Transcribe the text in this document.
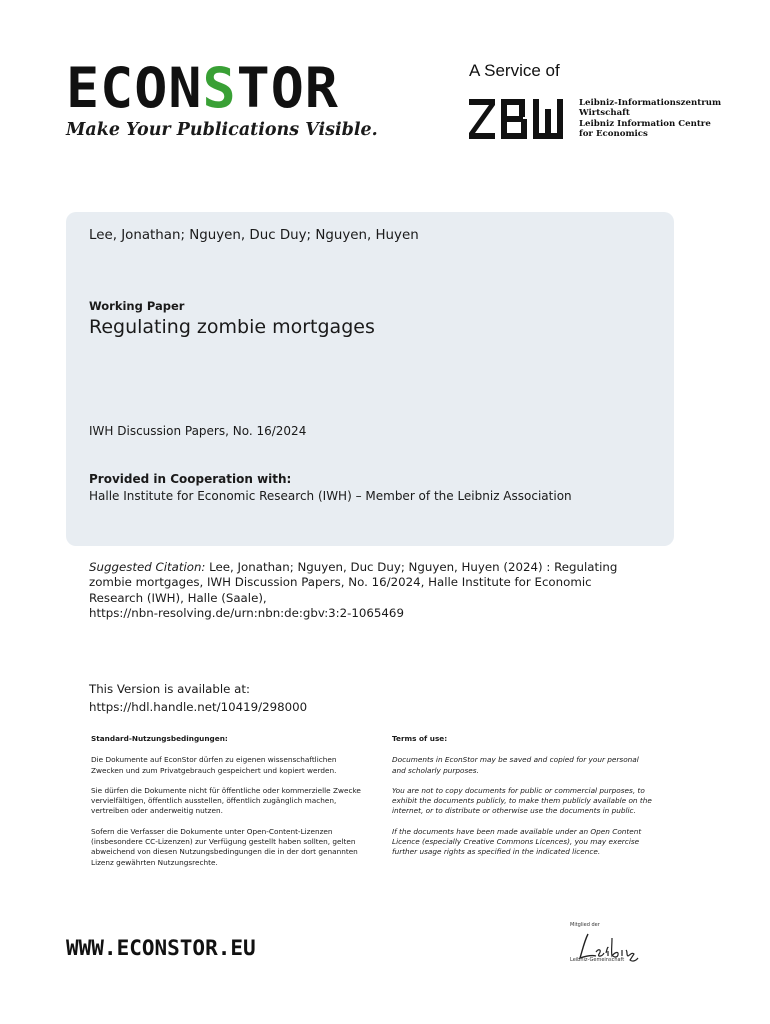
ECONSTOR
Make Your Publications Visible.
A Service of
Leibniz-Informationszentrum
Wirtschaft
Leibniz Information Centre
for Economics
Lee, Jonathan; Nguyen, Duc Duy; Nguyen, Huyen
Working Paper
Regulating zombie mortgages
IWH Discussion Papers, No. 16/2024
Provided in Cooperation with:
Halle Institute for Economic Research (IWH) – Member of the Leibniz Association
Suggested Citation: Lee, Jonathan; Nguyen, Duc Duy; Nguyen, Huyen (2024) : Regulating zombie mortgages, IWH Discussion Papers, No. 16/2024, Halle Institute for Economic Research (IWH), Halle (Saale),
https://nbn-resolving.de/urn:nbn:de:gbv:3:2-1065469
This Version is available at:
https://hdl.handle.net/10419/298000
Standard-Nutzungsbedingungen:

Die Dokumente auf EconStor dürfen zu eigenen wissenschaftlichen Zwecken und zum Privatgebrauch gespeichert und kopiert werden.

Sie dürfen die Dokumente nicht für öffentliche oder kommerzielle Zwecke vervielfältigen, öffentlich ausstellen, öffentlich zugänglich machen, vertreiben oder anderweitig nutzen.

Sofern die Verfasser die Dokumente unter Open-Content-Lizenzen (insbesondere CC-Lizenzen) zur Verfügung gestellt haben sollten, gelten abweichend von diesen Nutzungsbedingungen die in der dort genannten Lizenz gewährten Nutzungsrechte.

Terms of use:

Documents in EconStor may be saved and copied for your personal and scholarly purposes.

You are not to copy documents for public or commercial purposes, to exhibit the documents publicly, to make them publicly available on the internet, or to distribute or otherwise use the documents in public.

If the documents have been made available under an Open Content Licence (especially Creative Commons Licences), you may exercise further usage rights as specified in the indicated licence.

WWW.ECONSTOR.EU
Mitglied der
Leibniz-Gemeinschaft
